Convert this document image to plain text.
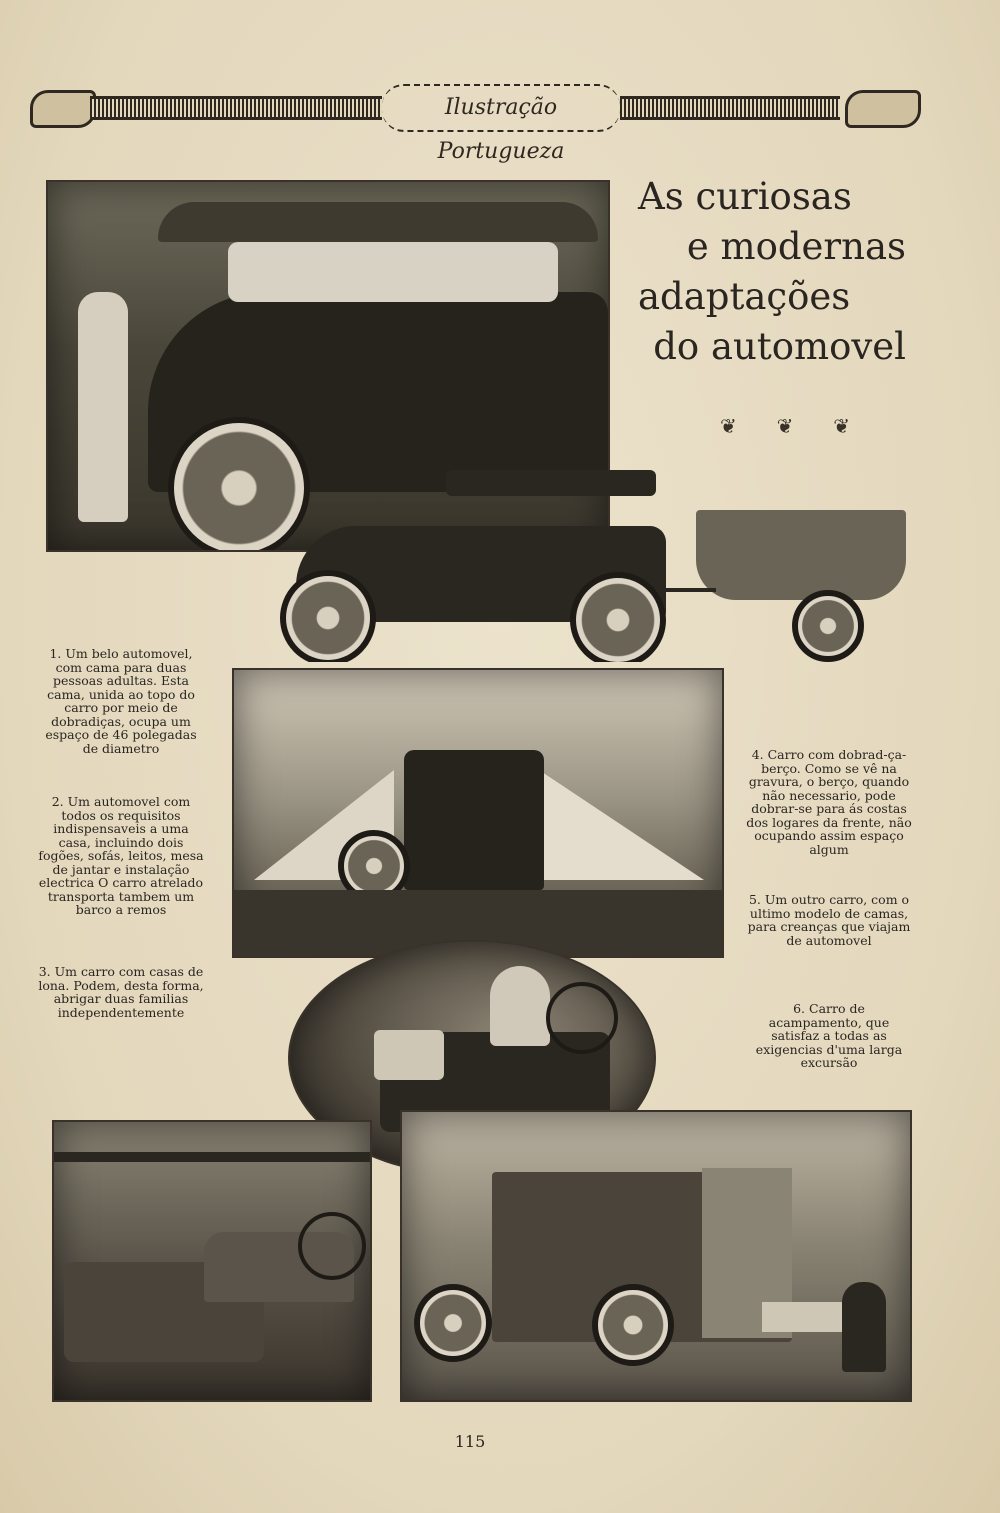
Ilustração Portugueza
As curiosas
e modernas
adaptações
do automovel
❦ ❦ ❦
1. Um belo automovel, com cama para duas pessoas adultas. Esta cama, unida ao topo do carro por meio de dobradiças, ocupa um espaço de 46 polegadas de diametro
2. Um automovel com todos os requisitos indispensaveis a uma casa, incluindo dois fogões, sofás, leitos, mesa de jantar e instalação electrica O carro atrelado transporta tambem um barco a remos
3. Um carro com casas de lona. Podem, desta forma, abrigar duas familias independentemente
4. Carro com dobrad-ça-berço. Como se vê na gravura, o berço, quando não necessario, pode dobrar-se para ás costas dos logares da frente, não ocupando assim espaço algum
5. Um outro carro, com o ultimo modelo de camas, para creanças que viajam de automovel
6. Carro de acampamento, que satisfaz a todas as exigencias d'uma larga excursão
115
